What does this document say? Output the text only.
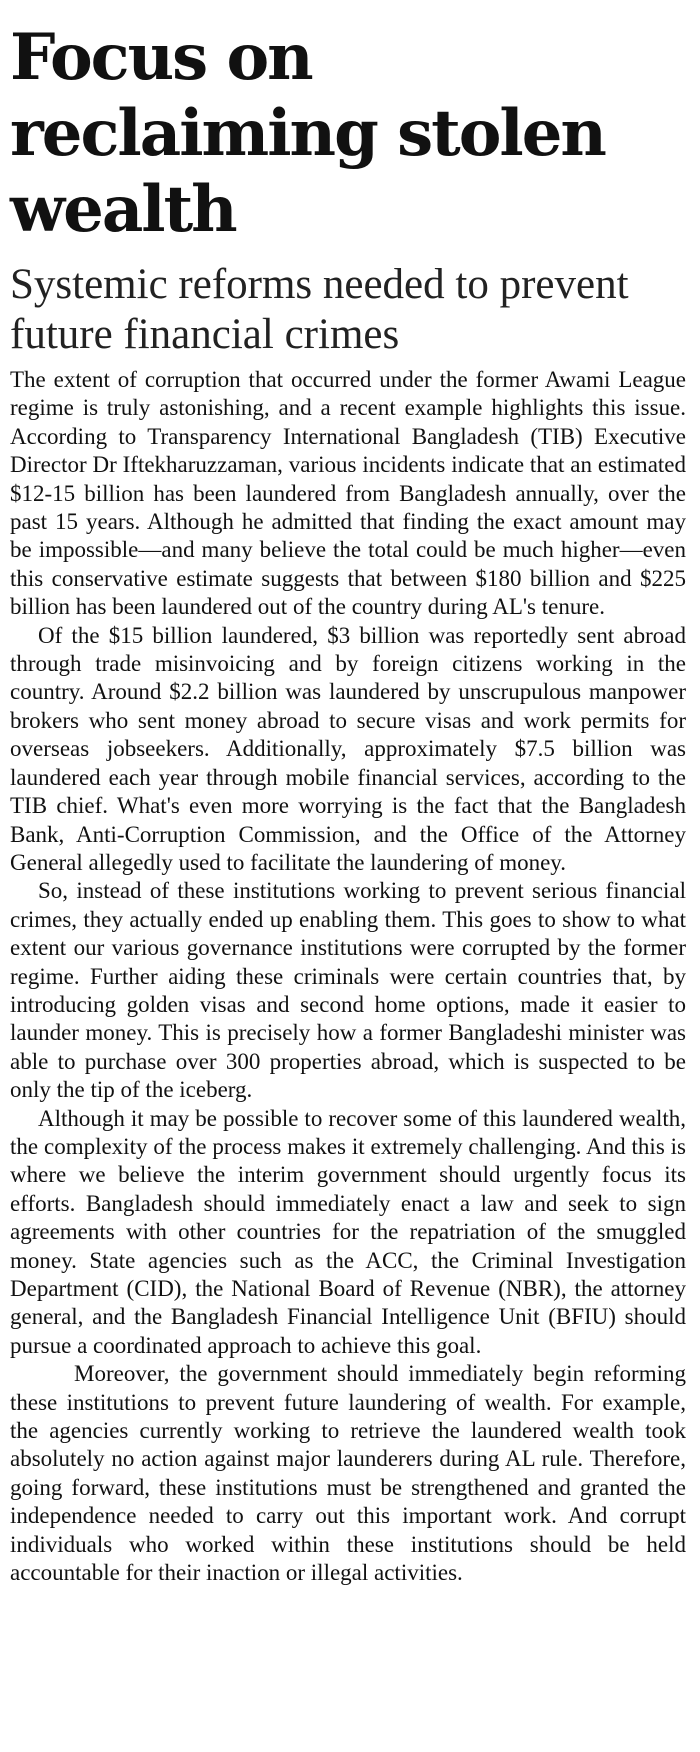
Focus on reclaiming stolen wealth
Systemic reforms needed to prevent future financial crimes

The extent of corruption that occurred under the former Awami League regime is truly astonishing, and a recent example highlights this issue. According to Transparency International Bangladesh (TIB) Executive Director Dr Iftekharuzzaman, various incidents indicate that an estimated $12-15 billion has been laundered from Bangladesh annually, over the past 15 years. Although he admitted that finding the exact amount may be impossible—and many believe the total could be much higher—even this conservative estimate suggests that between $180 billion and $225 billion has been laundered out of the country during AL's tenure.

Of the $15 billion laundered, $3 billion was reportedly sent abroad through trade misinvoicing and by foreign citizens working in the country. Around $2.2 billion was laundered by unscrupulous manpower brokers who sent money abroad to secure visas and work permits for overseas jobseekers. Additionally, approximately $7.5 billion was laundered each year through mobile financial services, according to the TIB chief. What's even more worrying is the fact that the Bangladesh Bank, Anti-Corruption Commission, and the Office of the Attorney General allegedly used to facilitate the laundering of money.

So, instead of these institutions working to prevent serious financial crimes, they actually ended up enabling them. This goes to show to what extent our various governance institutions were corrupted by the former regime. Further aiding these criminals were certain countries that, by introducing golden visas and second home options, made it easier to launder money. This is precisely how a former Bangladeshi minister was able to purchase over 300 properties abroad, which is suspected to be only the tip of the iceberg.

Although it may be possible to recover some of this laundered wealth, the complexity of the process makes it extremely challenging. And this is where we believe the interim government should urgently focus its efforts. Bangladesh should immediately enact a law and seek to sign agreements with other countries for the repatriation of the smuggled money. State agencies such as the ACC, the Criminal Investigation Department (CID), the National Board of Revenue (NBR), the attorney general, and the Bangladesh Financial Intelligence Unit (BFIU) should pursue a coordinated approach to achieve this goal.

Moreover, the government should immediately begin reforming these institutions to prevent future laundering of wealth. For example, the agencies currently working to retrieve the laundered wealth took absolutely no action against major launderers during AL rule. Therefore, going forward, these institutions must be strengthened and granted the independence needed to carry out this important work. And corrupt individuals who worked within these institutions should be held accountable for their inaction or illegal activities.
